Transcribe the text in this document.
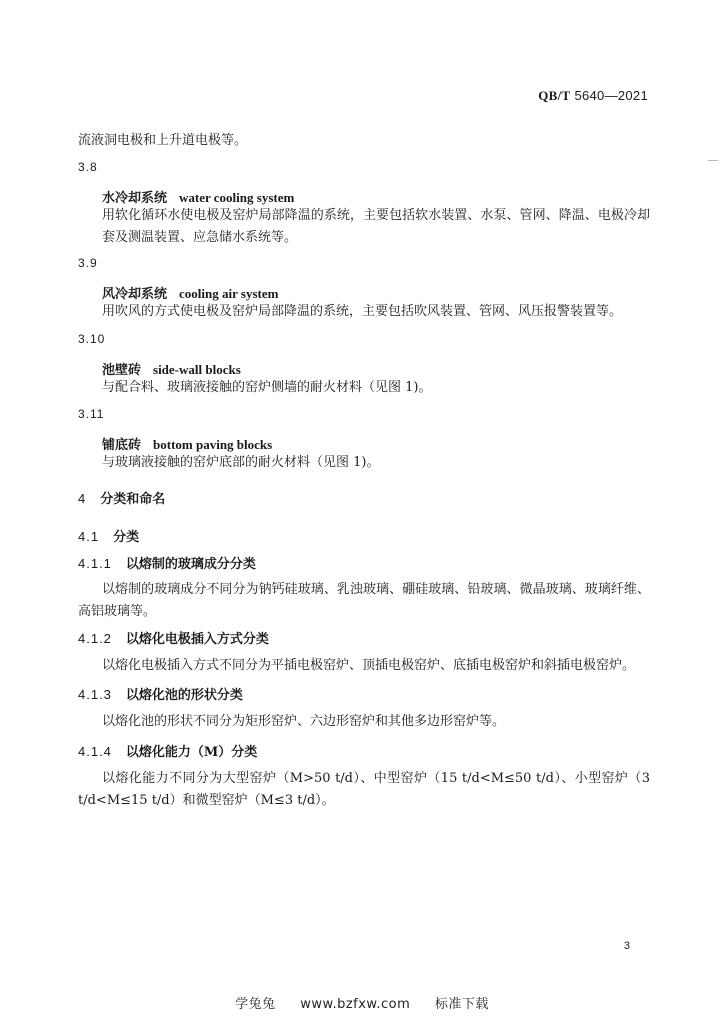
QB/T 5640—2021
流液洞电极和上升道电极等。
3.8
水冷却系统 water cooling system
用软化循环水使电极及窑炉局部降温的系统，主要包括软水装置、水泵、管网、降温、电极冷却套及测温装置、应急储水系统等。
3.9
风冷却系统 cooling air system
用吹风的方式使电极及窑炉局部降温的系统，主要包括吹风装置、管网、风压报警装置等。
3.10
池壁砖 side-wall blocks
与配合料、玻璃液接触的窑炉侧墙的耐火材料（见图 1)。
3.11
铺底砖 bottom paving blocks
与玻璃液接触的窑炉底部的耐火材料（见图 1)。
4 分类和命名
4.1 分类
4.1.1 以熔制的玻璃成分分类
以熔制的玻璃成分不同分为钠钙硅玻璃、乳浊玻璃、硼硅玻璃、铅玻璃、微晶玻璃、玻璃纤维、高铝玻璃等。
4.1.2 以熔化电极插入方式分类
以熔化电极插入方式不同分为平插电极窑炉、顶插电极窑炉、底插电极窑炉和斜插电极窑炉。
4.1.3 以熔化池的形状分类
以熔化池的形状不同分为矩形窑炉、六边形窑炉和其他多边形窑炉等。
4.1.4 以熔化能力（M）分类
以熔化能力不同分为大型窑炉（M>50 t/d）、中型窑炉（15 t/d<M≤50 t/d）、小型窑炉（3 t/d<M≤15 t/d）和微型窑炉（M≤3 t/d）。
3
学兔兔 www.bzfxw.com 标准下载
